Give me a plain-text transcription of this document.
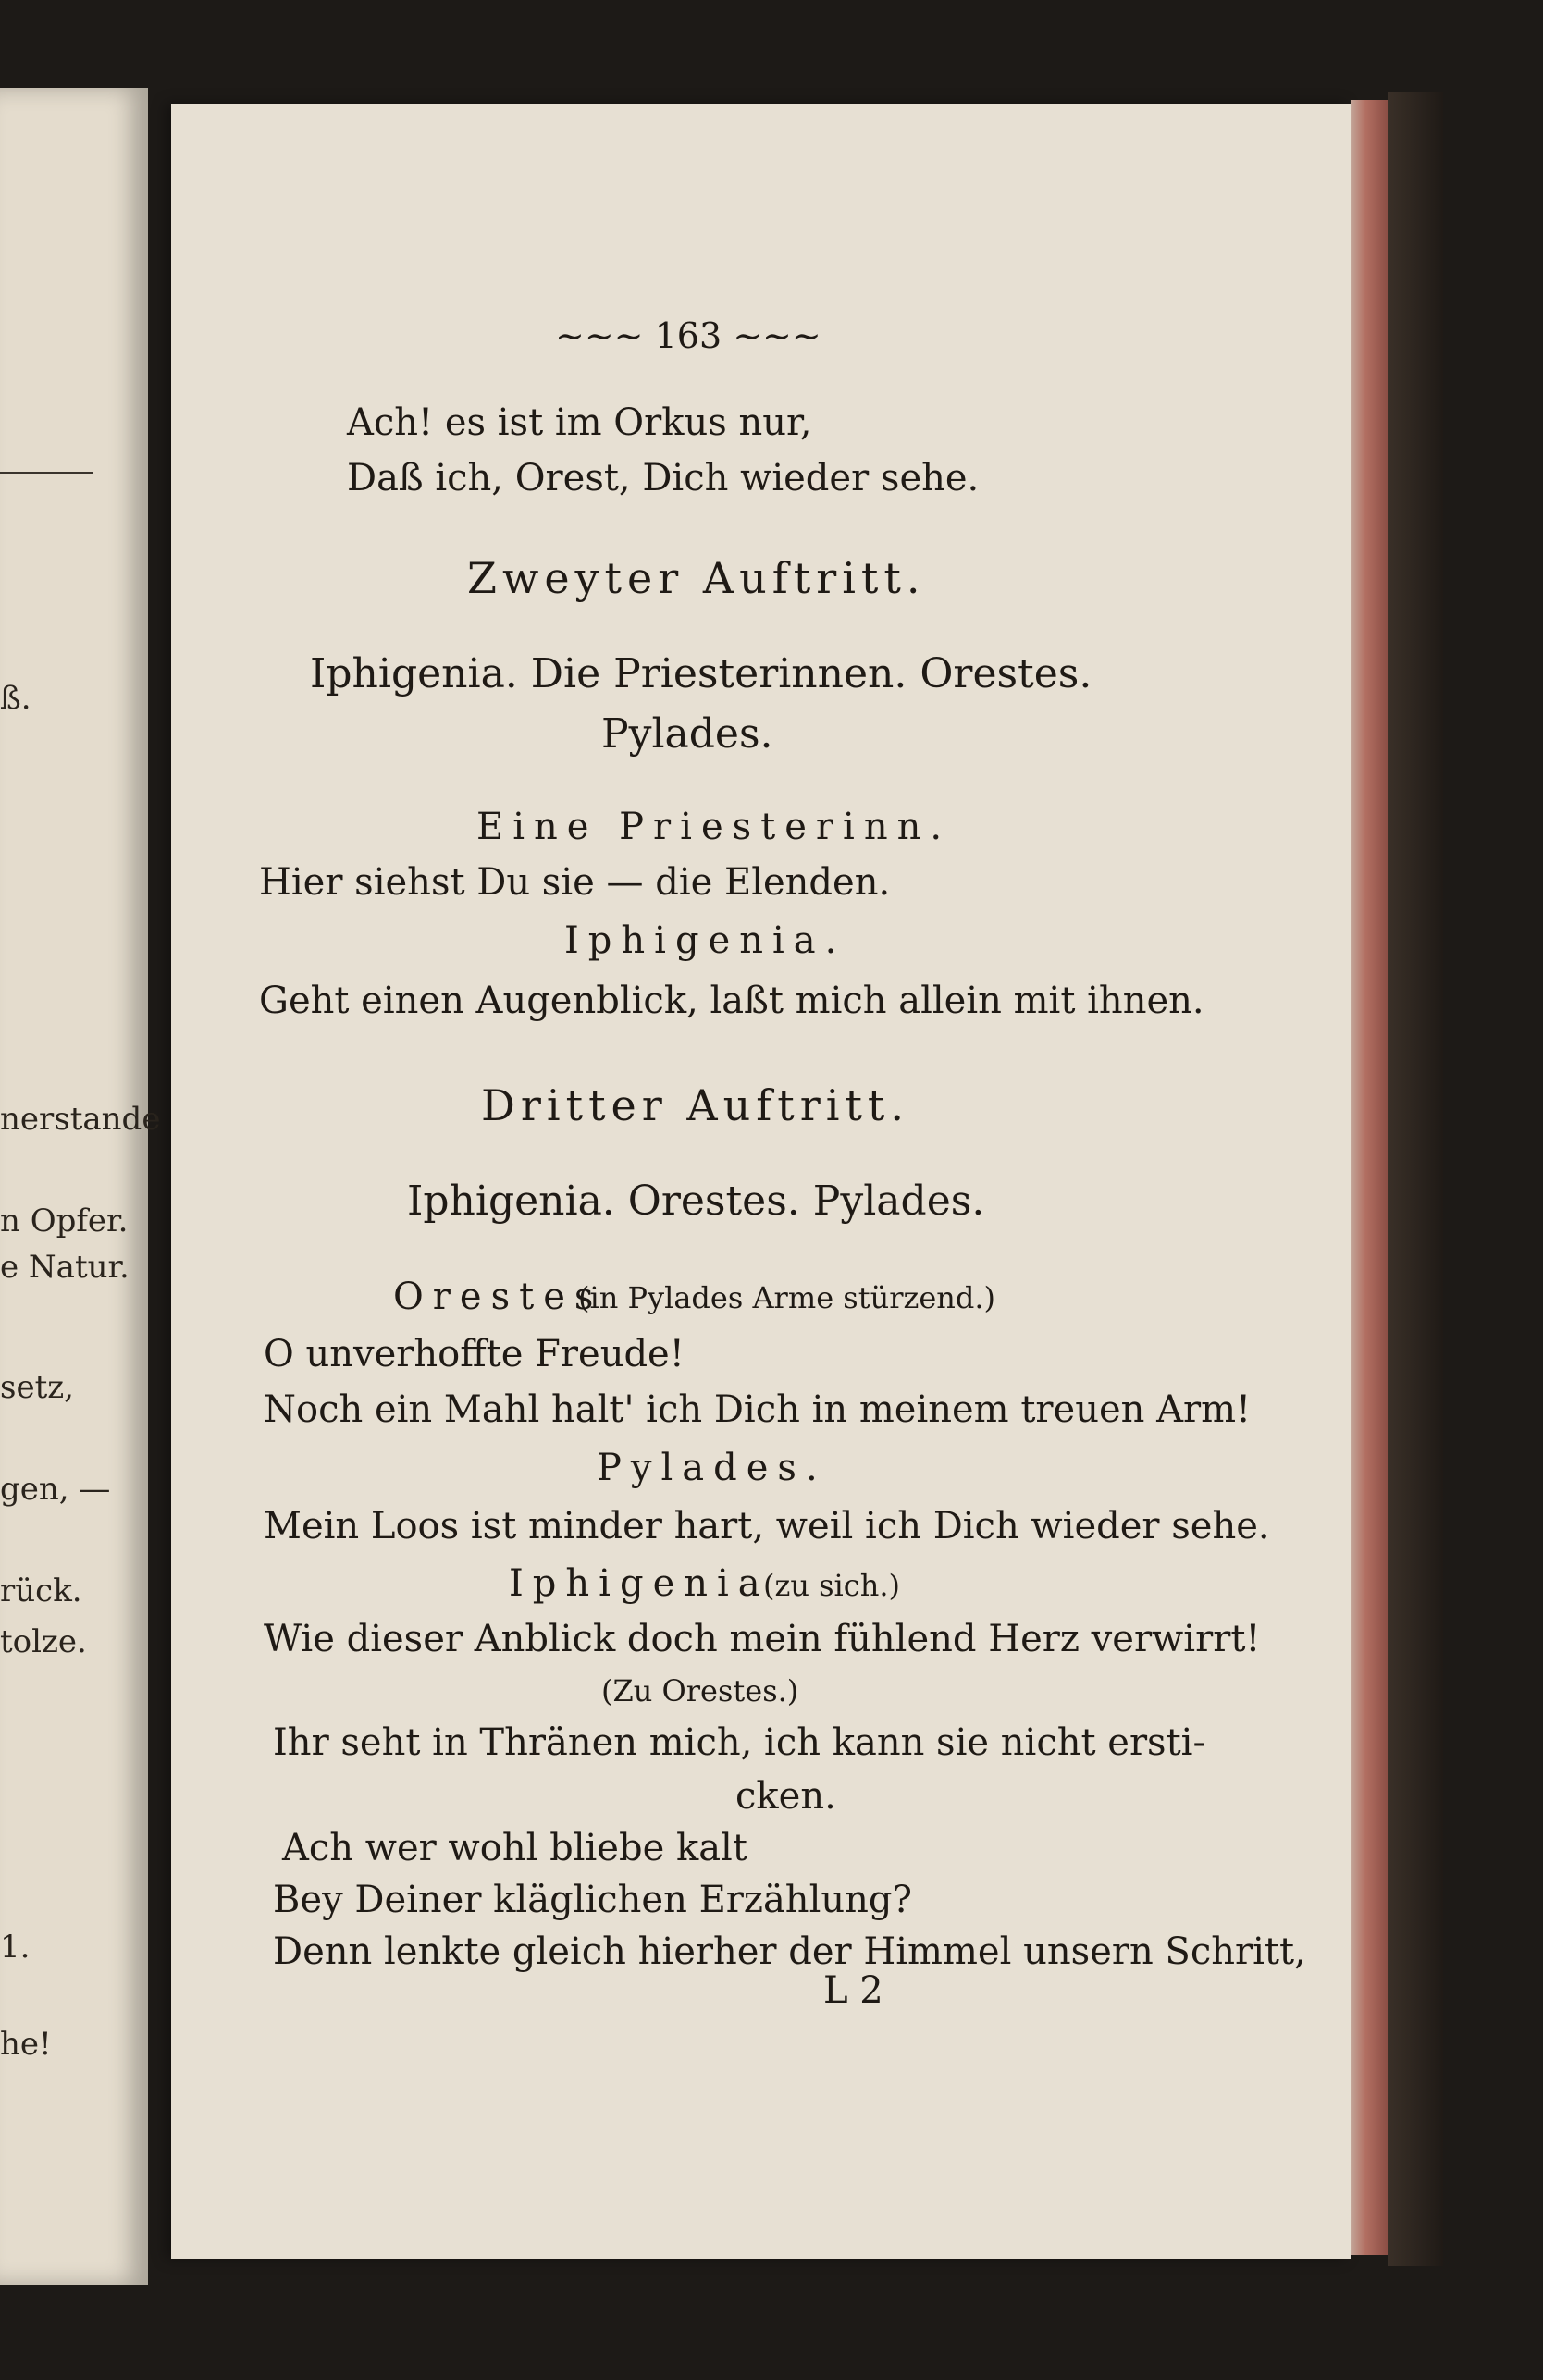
ß.
nerstande
n Opfer.
e Natur.
setz,
gen, —
rück.
tolze.
1.
he!
~~~ 163 ~~~
Ach! es ist im Orkus nur,
Daß ich, Orest, Dich wieder sehe.
Zweyter Auftritt.
Iphigenia. Die Priesterinnen. Orestes.
Pylades.
Eine Priesterinn.
Hier siehst Du sie — die Elenden.
Iphigenia.
Geht einen Augenblick, laßt mich allein mit ihnen.
Dritter Auftritt.
Iphigenia. Orestes. Pylades.
Orestes
(in Pylades Arme stürzend.)
O unverhoffte Freude!
Noch ein Mahl halt' ich Dich in meinem treuen Arm!
Pylades.
Mein Loos ist minder hart, weil ich Dich wieder sehe.
Iphigenia
(zu sich.)
Wie dieser Anblick doch mein fühlend Herz verwirrt!
(Zu Orestes.)
Ihr seht in Thränen mich, ich kann sie nicht ersti-
cken.
Ach wer wohl bliebe kalt
Bey Deiner kläglichen Erzählung?
Denn lenkte gleich hierher der Himmel unsern Schritt,
L 2
